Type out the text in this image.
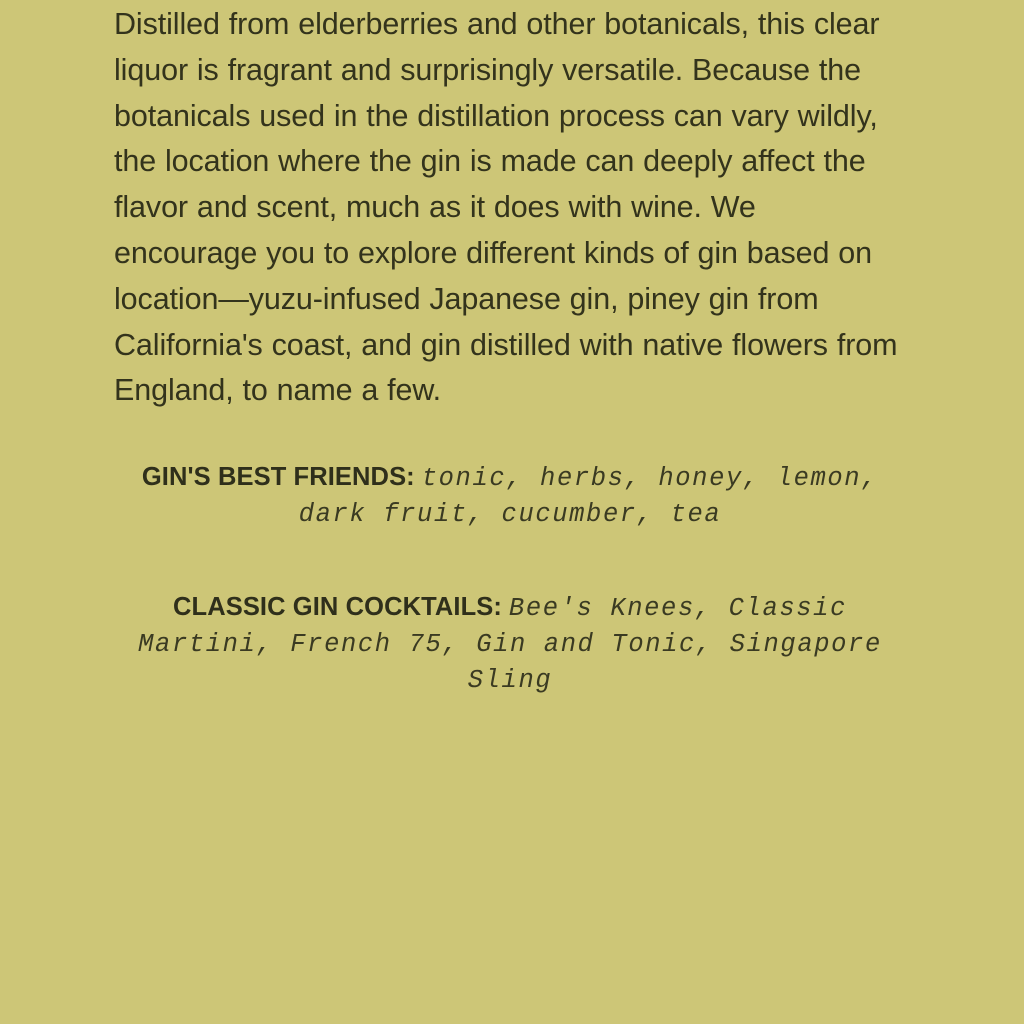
Distilled from elderberries and other botanicals, this clear liquor is fragrant and surprisingly versatile. Because the botanicals used in the distillation process can vary wildly, the location where the gin is made can deeply affect the flavor and scent, much as it does with wine. We encourage you to explore different kinds of gin based on location—yuzu-infused Japanese gin, piney gin from California's coast, and gin distilled with native flowers from England, to name a few.

GIN'S BEST FRIENDS: tonic, herbs, honey, lemon, dark fruit, cucumber, tea
CLASSIC GIN COCKTAILS: Bee's Knees, Classic Martini, French 75, Gin and Tonic, Singapore Sling
